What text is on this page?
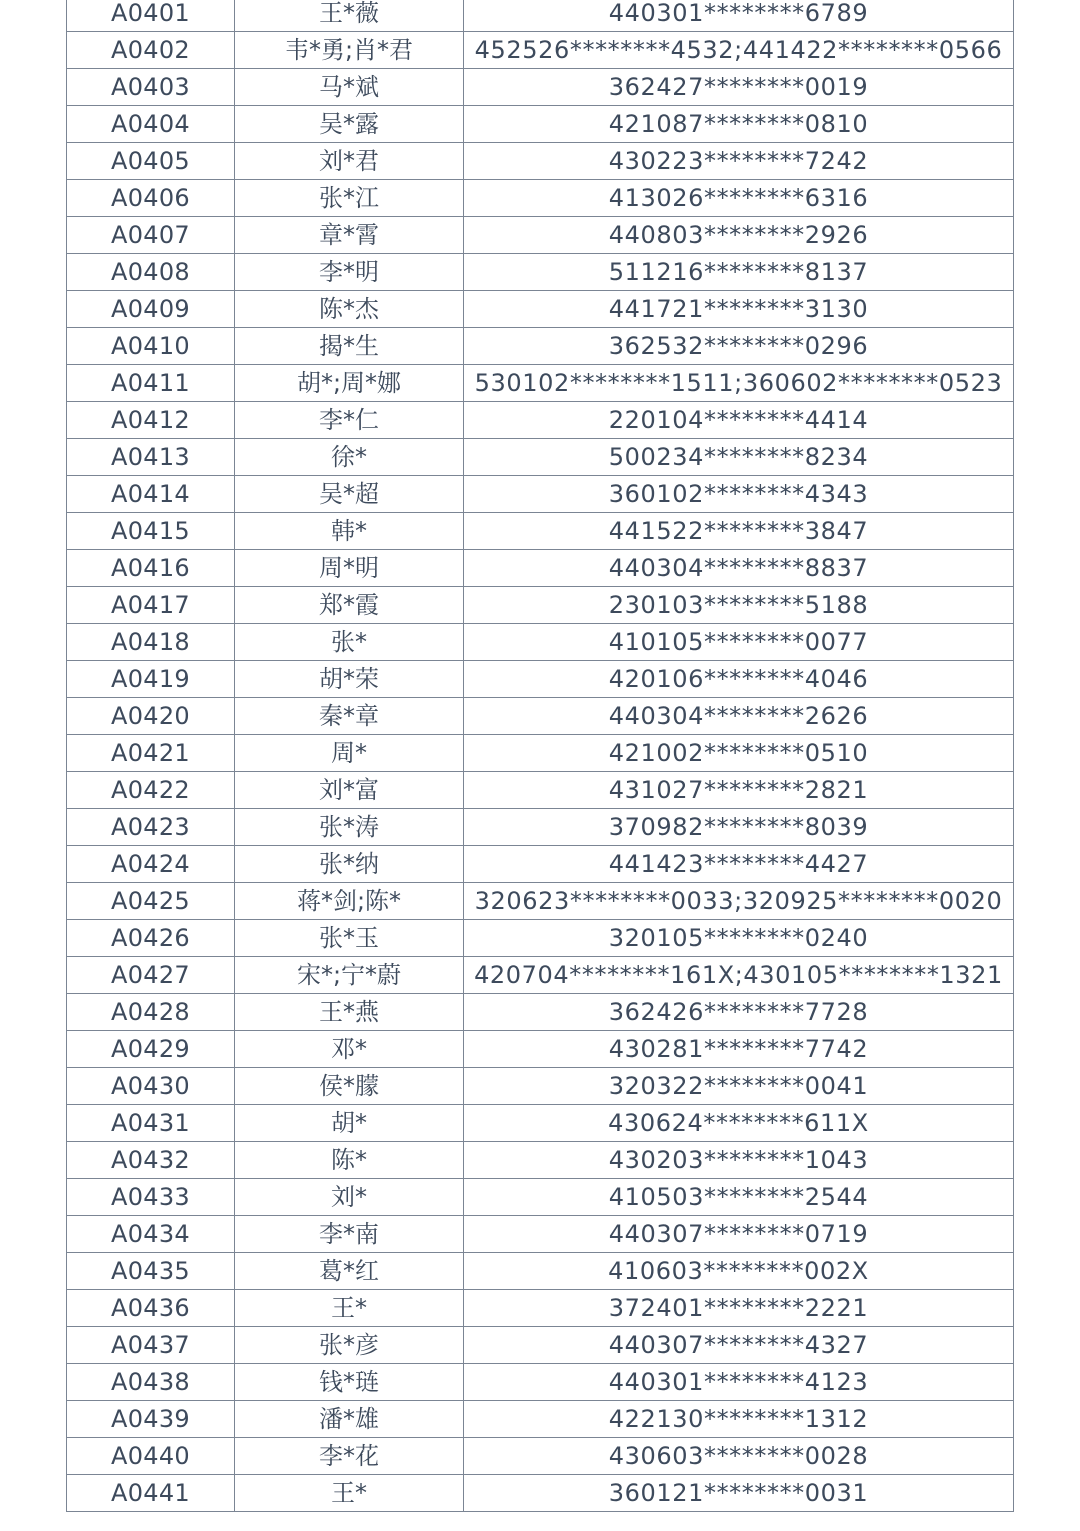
A0401	王*薇	440301********6789
A0402	韦*勇;肖*君	452526********4532;441422********0566
A0403	马*斌	362427********0019
A0404	吴*露	421087********0810
A0405	刘*君	430223********7242
A0406	张*江	413026********6316
A0407	章*霄	440803********2926
A0408	李*明	511216********8137
A0409	陈*杰	441721********3130
A0410	揭*生	362532********0296
A0411	胡*;周*娜	530102********1511;360602********0523
A0412	李*仁	220104********4414
A0413	徐*	500234********8234
A0414	吴*超	360102********4343
A0415	韩*	441522********3847
A0416	周*明	440304********8837
A0417	郑*霞	230103********5188
A0418	张*	410105********0077
A0419	胡*荣	420106********4046
A0420	秦*章	440304********2626
A0421	周*	421002********0510
A0422	刘*富	431027********2821
A0423	张*涛	370982********8039
A0424	张*纳	441423********4427
A0425	蒋*剑;陈*	320623********0033;320925********0020
A0426	张*玉	320105********0240
A0427	宋*;宁*蔚	420704********161X;430105********1321
A0428	王*燕	362426********7728
A0429	邓*	430281********7742
A0430	侯*朦	320322********0041
A0431	胡*	430624********611X
A0432	陈*	430203********1043
A0433	刘*	410503********2544
A0434	李*南	440307********0719
A0435	葛*红	410603********002X
A0436	王*	372401********2221
A0437	张*彦	440307********4327
A0438	钱*琏	440301********4123
A0439	潘*雄	422130********1312
A0440	李*花	430603********0028
A0441	王*	360121********0031
